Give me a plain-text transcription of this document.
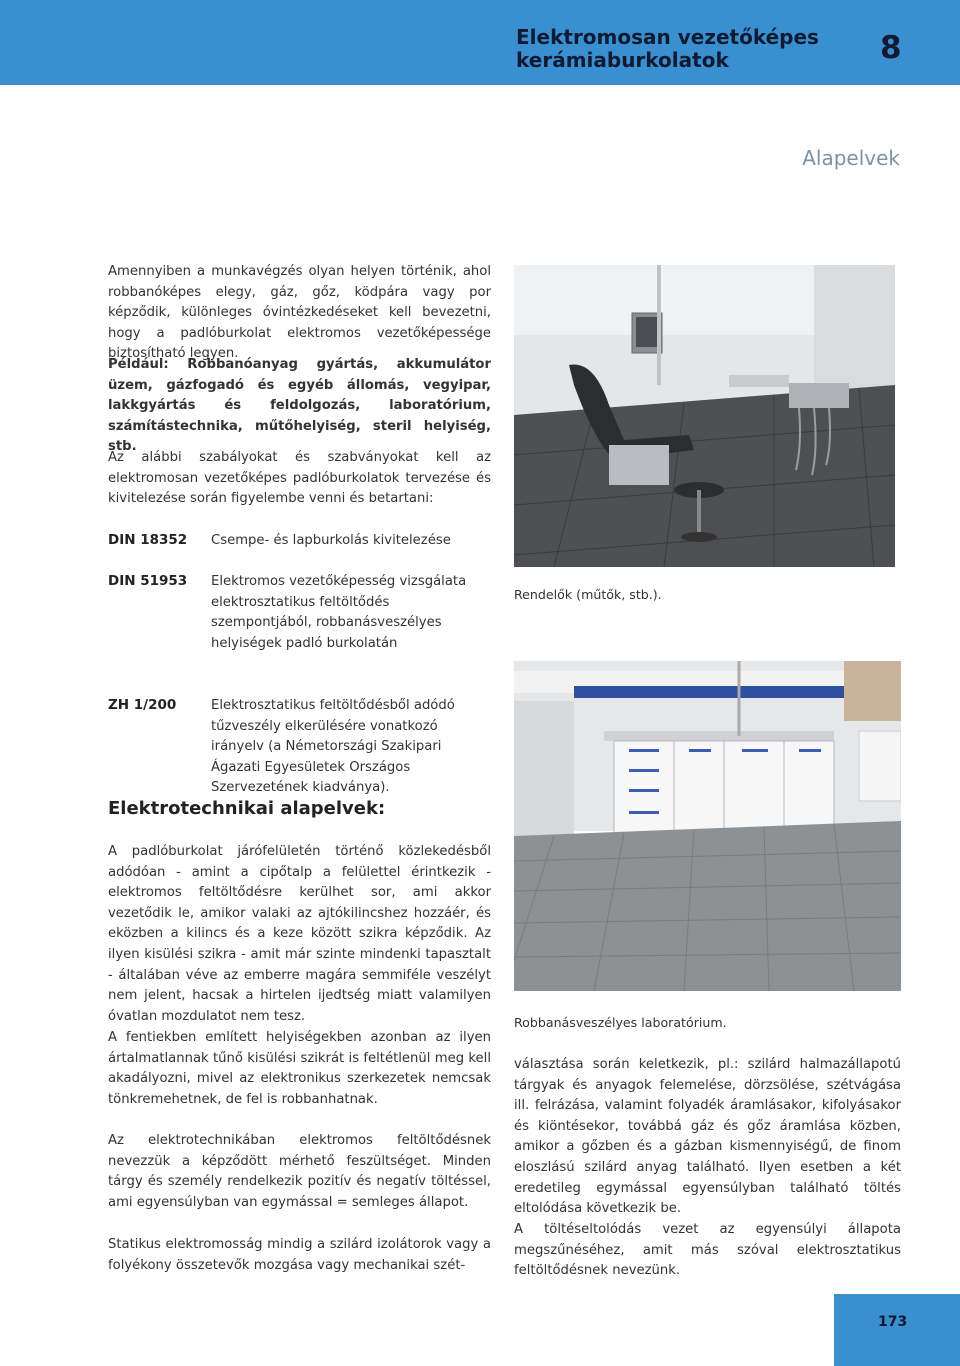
Elektromosan vezetőképes
kerámiaburkolatok	8
Alapelvek

Amennyiben a munkavégzés olyan helyen történik, ahol robbanóképes elegy, gáz, gőz, ködpára vagy por képződik, különleges óvintézkedéseket kell bevezetni, hogy a padlóburkolat elektromos vezetőképessége biztosítható legyen.

Például: Robbanóanyag gyártás, akkumulátor üzem, gázfogadó és egyéb állomás, vegyipar, lakkgyártás és feldolgozás, laboratórium, számítástechnika, műtőhelyiség, steril helyiség, stb.

Az alábbi szabályokat és szabványokat kell az elektromosan vezetőképes padlóburkolatok tervezése és kivitelezése során figyelembe venni és betartani:

DIN 18352 Csempe- és lapburkolás kivitelezése

DIN 51953 Elektromos vezetőképesség vizsgálata elektrosztatikus feltöltődés szempontjából, robbanásveszélyes helyiségek padló burkolatán

ZH 1/200	Elektrosztatikus feltöltődésből adódó tűzveszély elkerülésére vonatkozó irányelv (a Németországi Szakipari Ágazati Egyesületek Országos Szervezetének kiadványa).

Elektrotechnikai alapelvek:

A padlóburkolat járófelületén történő közlekedésből adódóan - amint a cipőtalp a felülettel érintkezik - elektromos feltöltődésre kerülhet sor, ami akkor vezetődik le, amikor valaki az ajtókilincshez hozzáér, és eközben a kilincs és a keze között szikra képződik. Az ilyen kisülési szikra - amit már szinte mindenki tapasztalt - általában véve az emberre magára semmiféle veszélyt nem jelent, hacsak a hirtelen ijedtség miatt valamilyen óvatlan mozdulatot nem tesz.

A fentiekben említett helyiségekben azonban az ilyen ártalmatlannak tűnő kisülési szikrát is feltétlenül meg kell akadályozni, mivel az elektronikus szerkezetek nemcsak tönkremehetnek, de fel is robbanhatnak.

Az elektrotechnikában elektromos feltöltődésnek nevezzük a képződött mérhető feszültséget. Minden tárgy és személy rendelkezik pozitív és negatív töltéssel, ami egyensúlyban van egymással = semleges állapot.

Statikus elektromosság mindig a szilárd izolátorok vagy a folyékony összetevők mozgása vagy mechanikai szét-

Rendelők (műtők, stb.).
Robbanásveszélyes laboratórium.

választása során keletkezik, pl.: szilárd halmazállapotú tárgyak és anyagok felemelése, dörzsölése, szétvágása ill. felrázása, valamint folyadék áramlásakor, kifolyásakor és kiöntésekor, továbbá gáz és gőz áramlása közben, amikor a gőzben és a gázban kismennyiségű, de finom eloszlású szilárd anyag található. Ilyen esetben a két eredetileg egymással egyensúlyban található töltés eltolódása következik be.

A töltéseltolódás vezet az egyensúlyi állapota megszűnéséhez, amit más szóval elektrosztatikus feltöltődésnek nevezünk.

173
